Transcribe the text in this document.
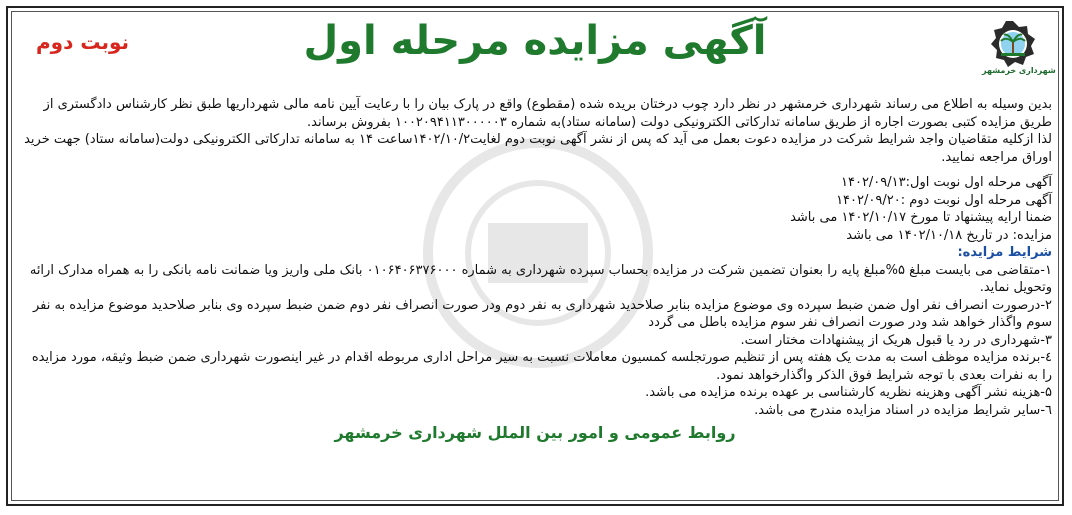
شهرداری خرمشهر
آگهی مزایده مرحله اول
نوبت دوم

بدین وسیله به اطلاع می رساند شهرداری خرمشهر در نظر دارد چوب درختان بریده شده (مقطوع) واقع در پارک بیان را با رعایت آیین نامه مالی شهرداریها طبق نظر کارشناس دادگستری از طریق مزایده کتبی بصورت اجاره از طریق سامانه تدارکاتی الکترونیکی دولت (سامانه ستاد)به شماره ۱۰۰۲۰۹۴۱۱۳۰۰۰۰۰۳ بفروش برساند.

لذا ازکلیه متقاضیان واجد شرایط شرکت در مزایده دعوت بعمل می آید که پس از نشر آگهی نوبت دوم لغایت۱۴۰۲/۱۰/۲ساعت ۱۴ به سامانه تدارکاتی الکترونیکی دولت(سامانه ستاد) جهت خرید اوراق مراجعه نمایید.

آگهی مرحله اول نوبت اول:۱۴۰۲/۰۹/۱۳

آگهی مرحله اول نوبت دوم :۱۴۰۲/۰۹/۲۰

ضمنا ارایه پیشنهاد تا مورخ ۱۴۰۲/۱۰/۱۷ می باشد

مزایده: در تاریخ ۱۴۰۲/۱۰/۱۸ می باشد

شرایط مزایده:

۱-متقاضی می بایست مبلغ ۵%مبلغ پایه را بعنوان تضمین شرکت در مزایده بحساب سپرده شهرداری به شماره ۰۱۰۶۴۰۶۳۷۶۰۰۰ بانک ملی واریز ویا ضمانت نامه بانکی را به همراه مدارک ارائه وتحویل نماید.

۲-درصورت انصراف نفر اول ضمن ضبط سپرده وی موضوع مزایده بنابر صلاحدید شهرداری به نفر دوم ودر صورت انصراف نفر دوم ضمن ضبط سپرده وی بنابر صلاحدید موضوع مزایده به نفر سوم واگذار خواهد شد ودر صورت انصراف نفر سوم مزایده باطل می گردد

۳-شهرداری در رد یا قبول هریک از پیشنهادات مختار است.

٤-برنده مزایده موظف است به مدت یک هفته پس از تنظیم صورتجلسه کمسیون معاملات نسبت به سیر مراحل اداری مربوطه اقدام در غیر اینصورت شهرداری ضمن ضبط وثیقه، مورد مزایده را به نفرات بعدی با توجه شرایط فوق الذکر واگذارخواهد نمود.

۵-هزینه نشر آگهی وهزینه نظریه کارشناسی بر عهده برنده مزایده می باشد.

٦-سایر شرایط مزایده در اسناد مزایده مندرج می باشد.

روابط عمومی و امور بین الملل شهرداری خرمشهر
